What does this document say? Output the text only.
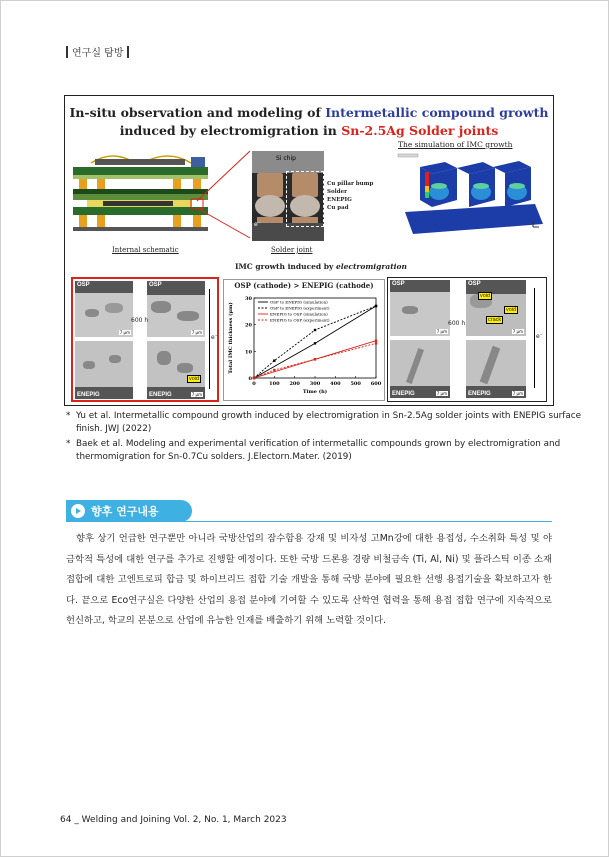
연구실 탐방
In-situ observation and modeling of Intermetallic compound growth
induced by electromigration in Sn-2.5Ag Solder joints
Internal schematic
Si chip
e⁻
Solder joint
Cu pillar bump
Solder
ENEPIG
Cu pad
The simulation of IMC growth
IMC growth induced by electromigration
OSP
7 μm
OSP
7 μm
600 h
ENEPIG
void
ENEPIG	7 μm
e⁻
OSP (cathode) > ENEPIG (cathode)
0	100 200 300 400 500 600
0
10
20
30
Time (h)
Total IMC thickness (μm)
OSP to ENEPIG (simulation)
OSP to ENEPIG (experiment)
ENEPIG to OSP (simulation)
ENEPIG to OSP (experiment)
OSP
7 μm
void
void
crack
OSP
7 μm
600 h
ENEPIG	7 μm	ENEPIG	7 μm
e⁻
* Yu et al. Intermetallic compound growth induced by electromigration in Sn-2.5Ag solder joints with ENEPIG surface finish. JWJ (2022)
* Baek et al. Modeling and experimental verification of intermetallic compounds grown by electromigration and thermomigration for Sn-0.7Cu solders. J.Electorn.Mater. (2019)
향후 연구내용
향후 상기 언급한 연구뿐만 아니라 국방산업의 잠수함용 강재 및 비자성 고Mn강에 대한 용접성, 수소취화 특성 및 야금학적 특성에 대한 연구를 추가로 진행할 예정이다. 또한 국방 드론용 경량 비철금속 (Ti, Al, Ni) 및 플라스틱 이종 소재 접합에 대한 고엔트로피 합금 및 하이브리드 접합 기술 개발을 통해 국방 분야에 필요한 선행 용접기술을 확보하고자 한다. 끝으로 Eco연구실은 다양한 산업의 용접 분야에 기여할 수 있도록 산학연 협력을 통해 용접 접합 연구에 지속적으로 헌신하고, 학교의 본분으로 산업에 유능한 인재를 배출하기 위해 노력할 것이다.
64 _ Welding and Joining Vol. 2, No. 1, March 2023
